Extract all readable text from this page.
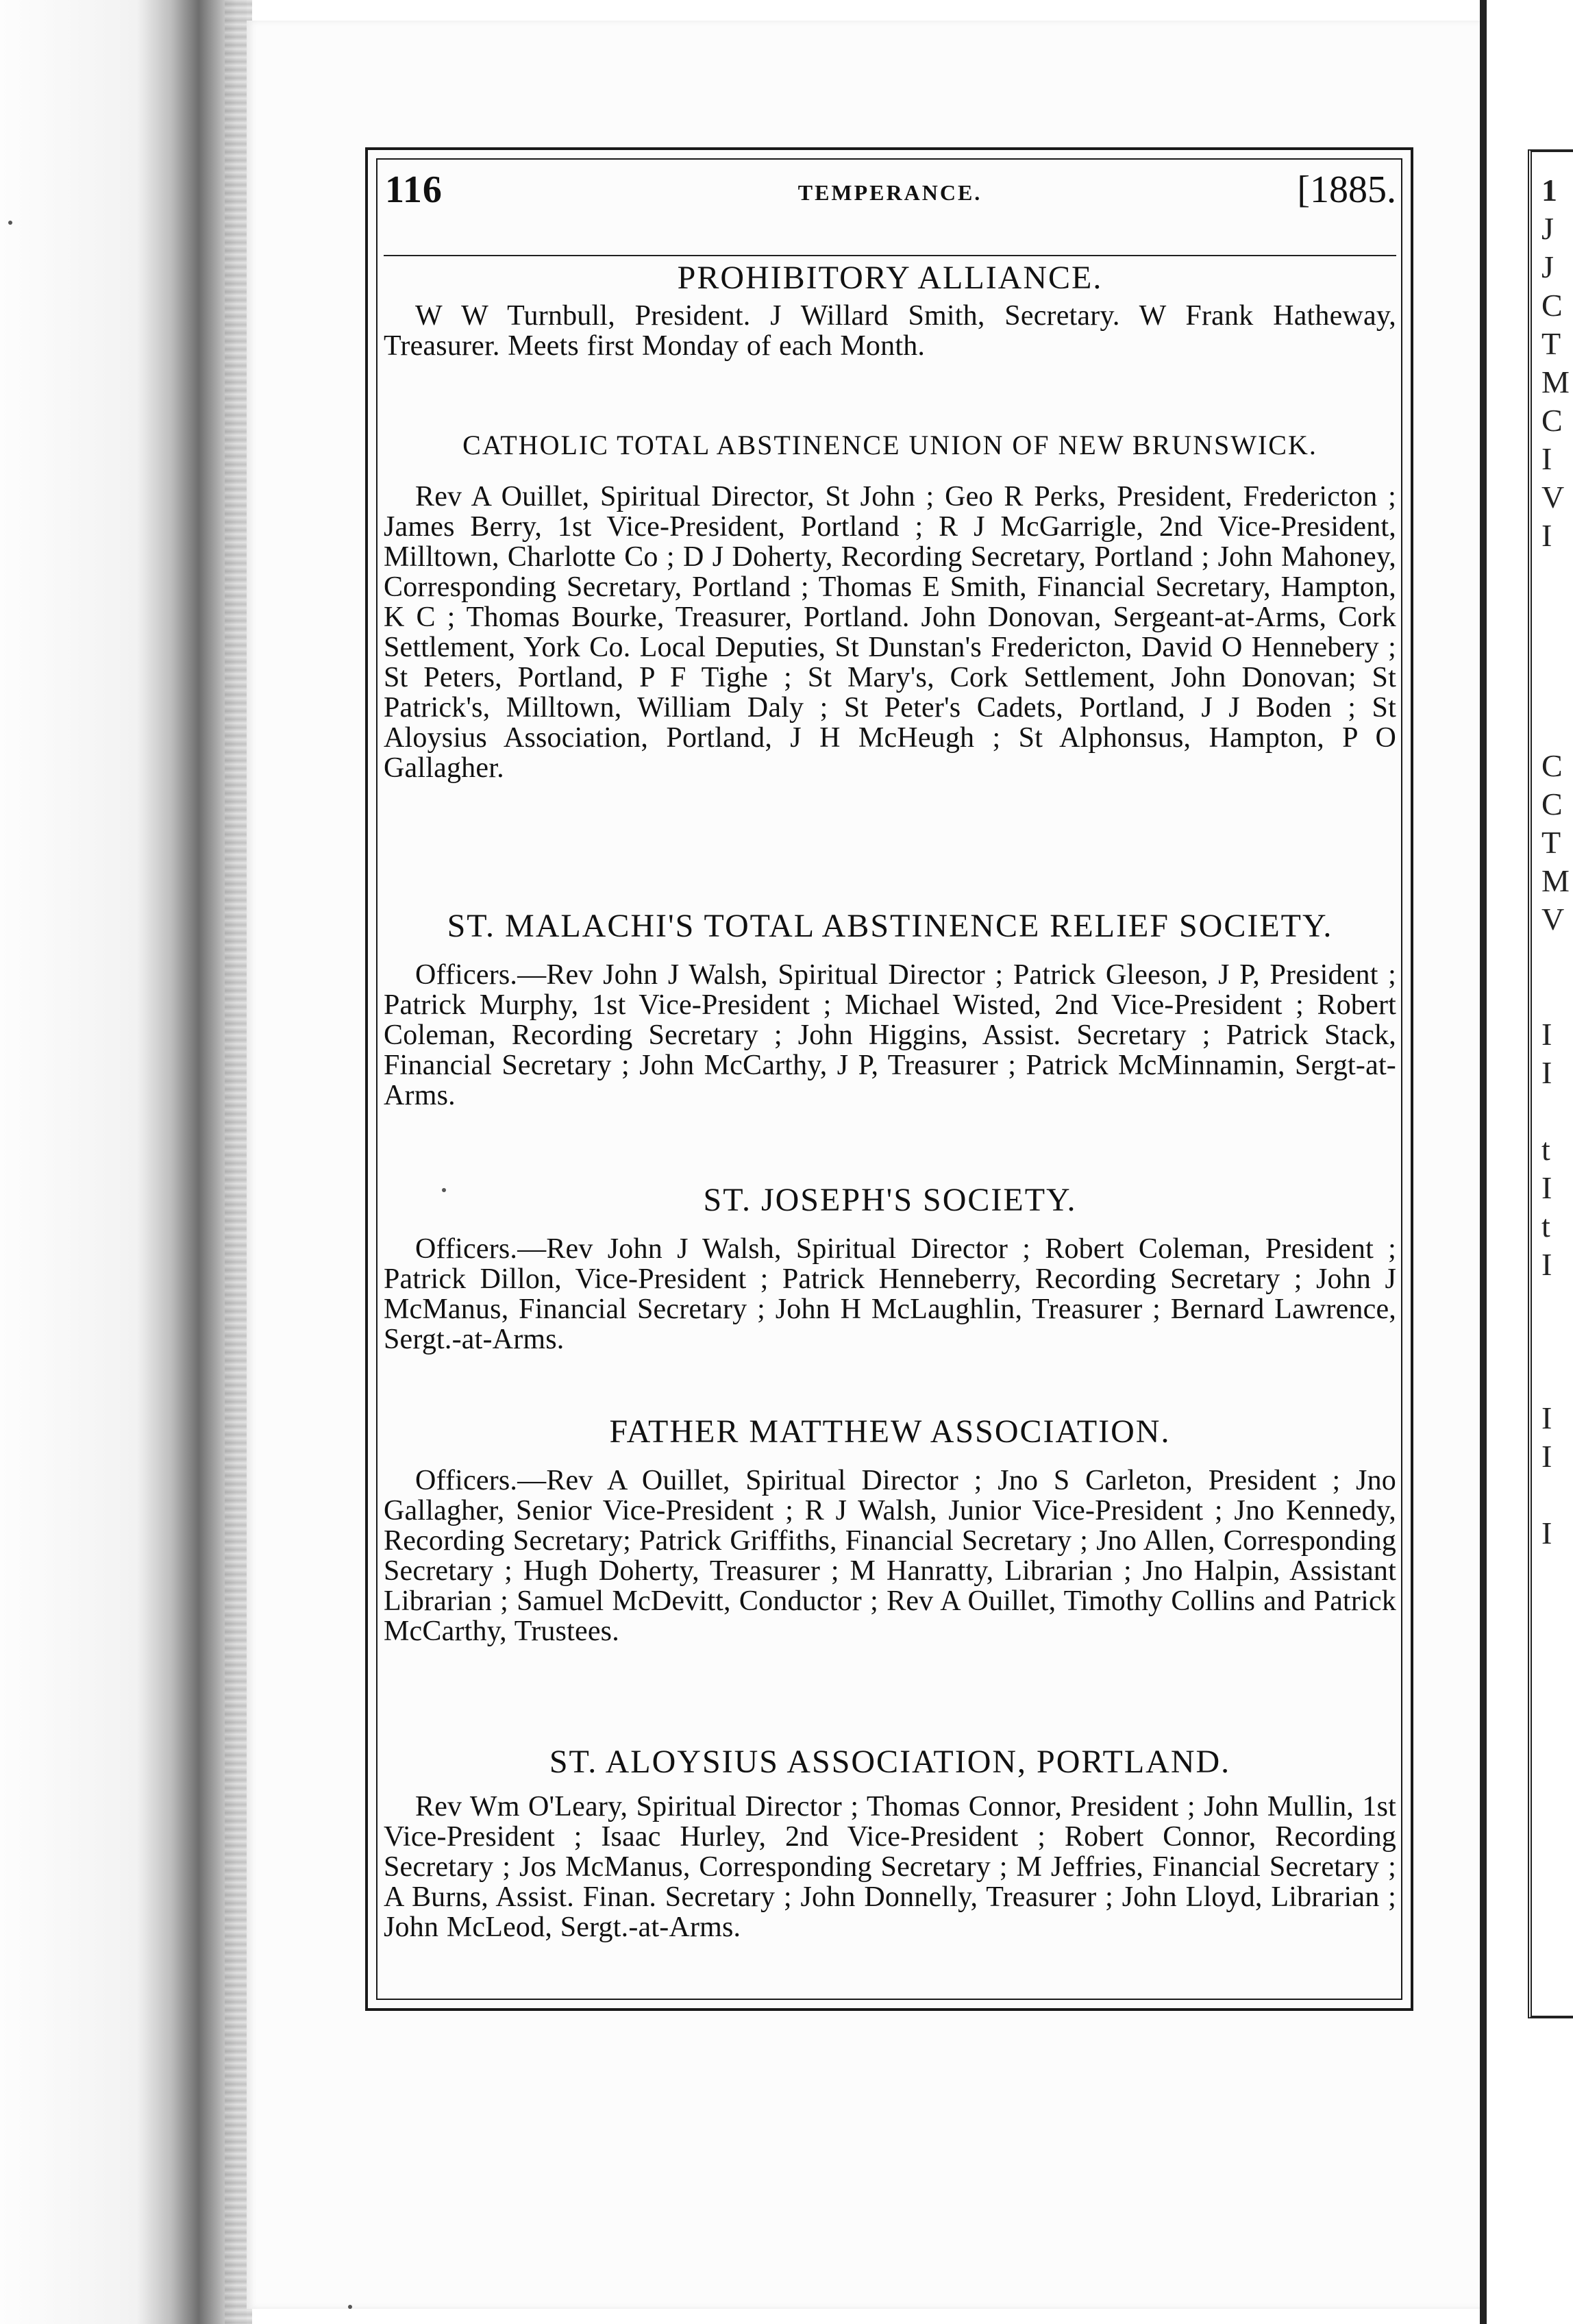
1
J
J
C
T
M
C
I
V
I
C
C
T
M
V
I
I
t
I
t
I
I
I
I
116	TEMPERANCE.	[1885.
PROHIBITORY ALLIANCE.
W W Turnbull, President. J Willard Smith, Secretary. W Frank Hatheway, Treasurer. Meets first Monday of each Month.
CATHOLIC TOTAL ABSTINENCE UNION OF NEW BRUNSWICK.
Rev A Ouillet, Spiritual Director, St John ; Geo R Perks, President, Fredericton ; James Berry, 1st Vice-President, Portland ; R J McGarrigle, 2nd Vice-President, Milltown, Charlotte Co ; D J Doherty, Recording Secretary, Portland ; John Mahoney, Corresponding Secretary, Portland ; Thomas E Smith, Financial Secretary, Hampton, K C ; Thomas Bourke, Treasurer, Portland. John Donovan, Sergeant-at-Arms, Cork Settlement, York Co. Local Deputies, St Dunstan's Fredericton, David O Hennebery ; St Peters, Portland, P F Tighe ; St Mary's, Cork Settlement, John Donovan; St Patrick's, Milltown, William Daly ; St Peter's Cadets, Portland, J J Boden ; St Aloysius Association, Portland, J H McHeugh ; St Alphonsus, Hampton, P O Gallagher.
ST. MALACHI'S TOTAL ABSTINENCE RELIEF SOCIETY.
Officers.—Rev John J Walsh, Spiritual Director ; Patrick Gleeson, J P, President ; Patrick Murphy, 1st Vice-President ; Michael Wisted, 2nd Vice-President ; Robert Coleman, Recording Secretary ; John Higgins, Assist. Secretary ; Patrick Stack, Financial Secretary ; John McCarthy, J P, Treasurer ; Patrick McMinnamin, Sergt-at-Arms.
ST. JOSEPH'S SOCIETY.
Officers.—Rev John J Walsh, Spiritual Director ; Robert Coleman, President ; Patrick Dillon, Vice-President ; Patrick Henneberry, Recording Secretary ; John J McManus, Financial Secretary ; John H McLaughlin, Treasurer ; Bernard Lawrence, Sergt.-at-Arms.
FATHER MATTHEW ASSOCIATION.
Officers.—Rev A Ouillet, Spiritual Director ; Jno S Carleton, President ; Jno Gallagher, Senior Vice-President ; R J Walsh, Junior Vice-President ; Jno Kennedy, Recording Secretary; Patrick Griffiths, Financial Secretary ; Jno Allen, Corresponding Secretary ; Hugh Doherty, Treasurer ; M Hanratty, Librarian ; Jno Halpin, Assistant Librarian ; Samuel McDevitt, Conductor ; Rev A Ouillet, Timothy Collins and Patrick McCarthy, Trustees.
ST. ALOYSIUS ASSOCIATION, PORTLAND.
Rev Wm O'Leary, Spiritual Director ; Thomas Connor, President ; John Mullin, 1st Vice-President ; Isaac Hurley, 2nd Vice-President ; Robert Connor, Recording Secretary ; Jos McManus, Corresponding Secretary ; M Jeffries, Financial Secretary ; A Burns, Assist. Finan. Secretary ; John Donnelly, Treasurer ; John Lloyd, Librarian ; John McLeod, Sergt.-at-Arms.
